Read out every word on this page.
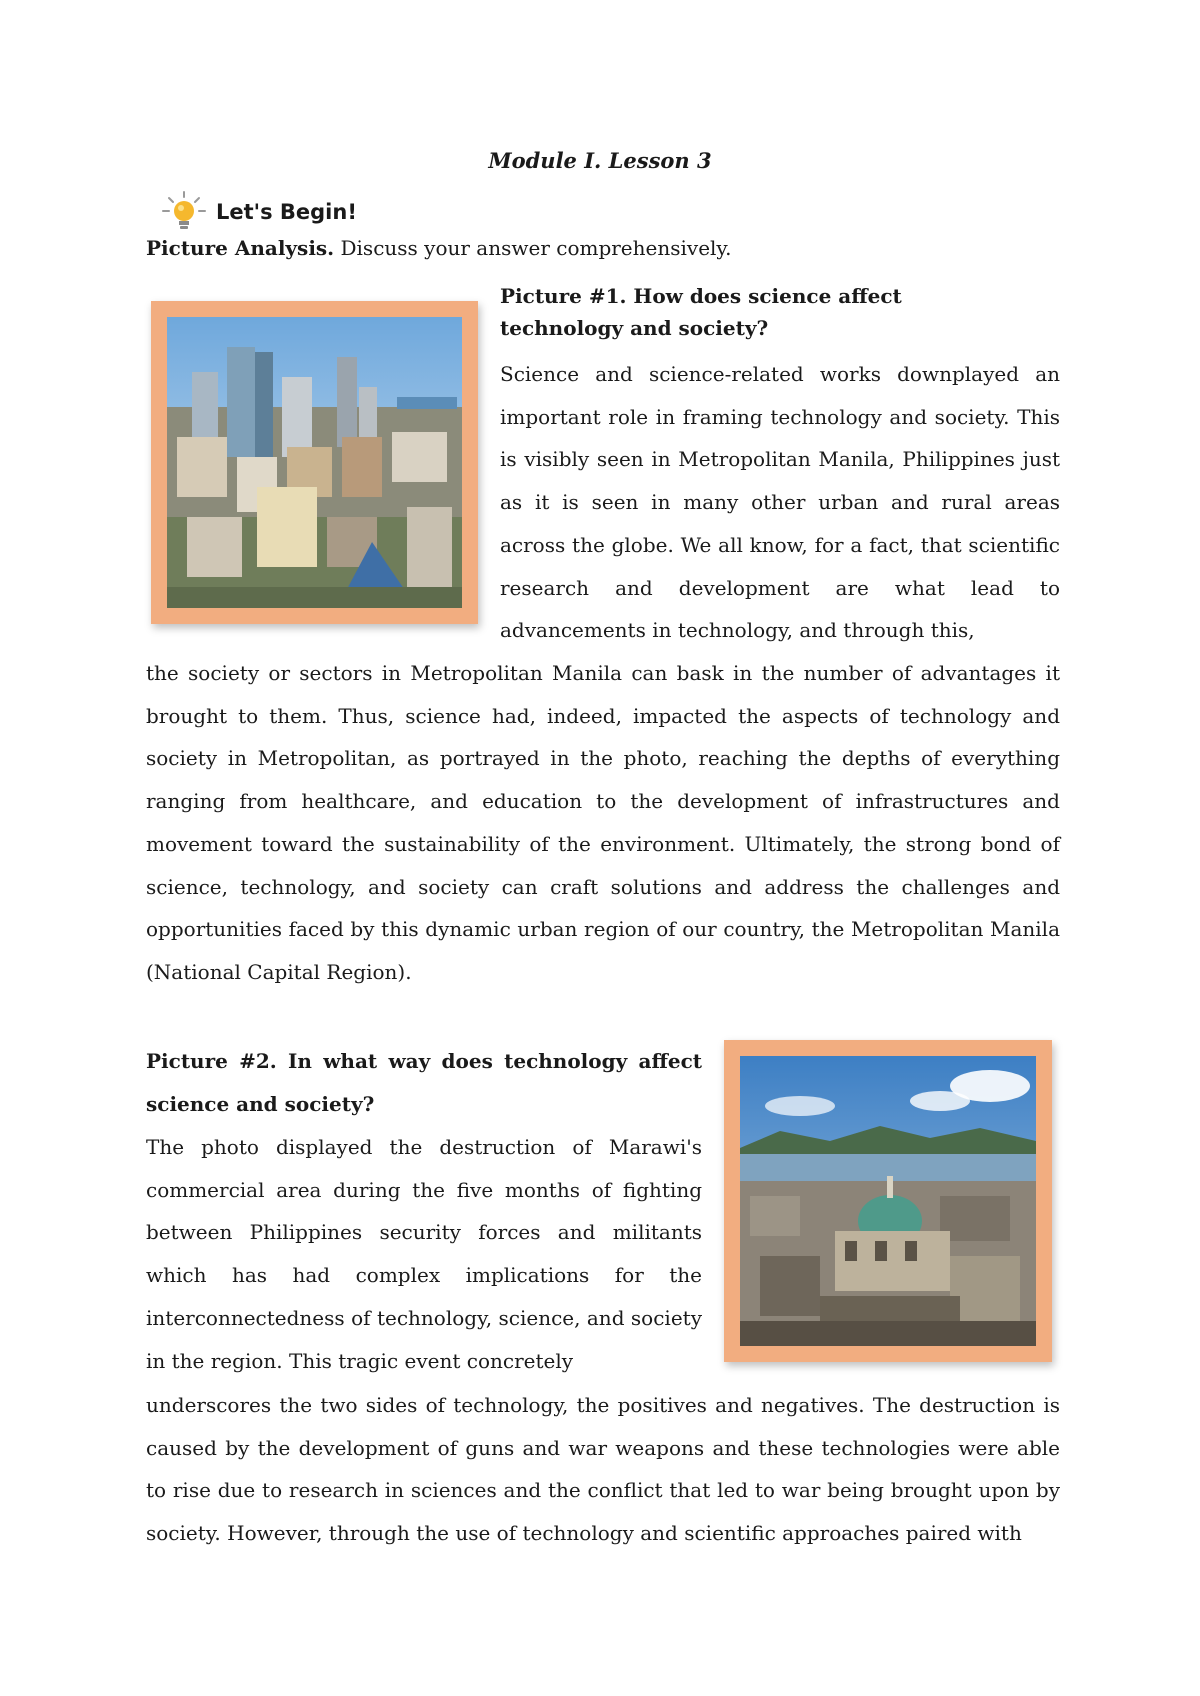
Module I. Lesson 3
Let's Begin!
Picture Analysis. Discuss your answer comprehensively.
Picture #1. How does science affect technology and society?
Science and science-related works downplayed an important role in framing technology and society. This is visibly seen in Metropolitan Manila, Philippines just as it is seen in many other urban and rural areas across the globe. We all know, for a fact, that scientific research and development are what lead to advancements in technology, and through this,
the society or sectors in Metropolitan Manila can bask in the number of advantages it brought to them. Thus, science had, indeed, impacted the aspects of technology and society in Metropolitan, as portrayed in the photo, reaching the depths of everything ranging from healthcare, and education to the development of infrastructures and movement toward the sustainability of the environment. Ultimately, the strong bond of science, technology, and society can craft solutions and address the challenges and opportunities faced by this dynamic urban region of our country, the Metropolitan Manila (National Capital Region).
Picture #2. In what way does technology affect science and society?
The photo displayed the destruction of Marawi's commercial area during the five months of fighting between Philippines security forces and militants which has had complex implications for the interconnectedness of technology, science, and society in the region. This tragic event concretely
underscores the two sides of technology, the positives and negatives. The destruction is caused by the development of guns and war weapons and these technologies were able to rise due to research in sciences and the conflict that led to war being brought upon by society. However, through the use of technology and scientific approaches paired with
